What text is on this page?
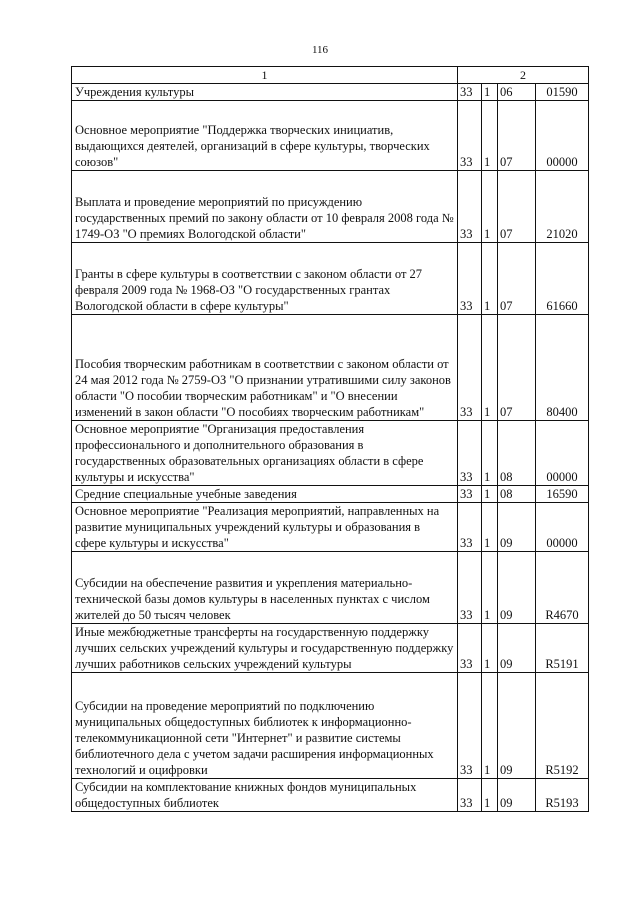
116
1	2			
Учреждения культуры	33	1	06	01590
Основное мероприятие "Поддержка творческих инициатив, выдающихся деятелей, организаций в сфере культуры, творческих союзов"	33	1	07	00000
Выплата и проведение мероприятий по присуждению государственных премий по закону области от 10 февраля 2008 года № 1749-ОЗ "О премиях Вологодской области"	33	1	07	21020
Гранты в сфере культуры в соответствии с законом области от 27 февраля 2009 года № 1968-ОЗ "О государственных грантах Вологодской области в сфере культуры"	33	1	07	61660
Пособия творческим работникам в соответствии с законом области от 24 мая 2012 года № 2759-ОЗ "О признании утратившими силу законов области "О пособии творческим работникам" и "О внесении изменений в закон области "О пособиях творческим работникам"	33	1	07	80400
Основное мероприятие "Организация предоставления профессионального и дополнительного образования в государственных образовательных организациях области в сфере культуры и искусства"	33	1	08	00000
Средние специальные учебные заведения	33	1	08	16590
Основное мероприятие "Реализация мероприятий, направленных на развитие муниципальных учреждений культуры и образования в сфере культуры и искусства"	33	1	09	00000
Субсидии на обеспечение развития и укрепления материально-технической базы домов культуры в населенных пунктах с числом жителей до 50 тысяч человек	33	1	09	R4670
Иные межбюджетные трансферты на государственную поддержку лучших сельских учреждений культуры и государственную поддержку лучших работников сельских учреждений культуры	33	1	09	R5191
Субсидии на проведение мероприятий по подключению муниципальных общедоступных библиотек к информационно-телекоммуникационной сети "Интернет" и развитие системы библиотечного дела с учетом задачи расширения информационных технологий и оцифровки	33	1	09	R5192
Субсидии на комплектование книжных фондов муниципальных общедоступных библиотек	33	1	09	R5193
